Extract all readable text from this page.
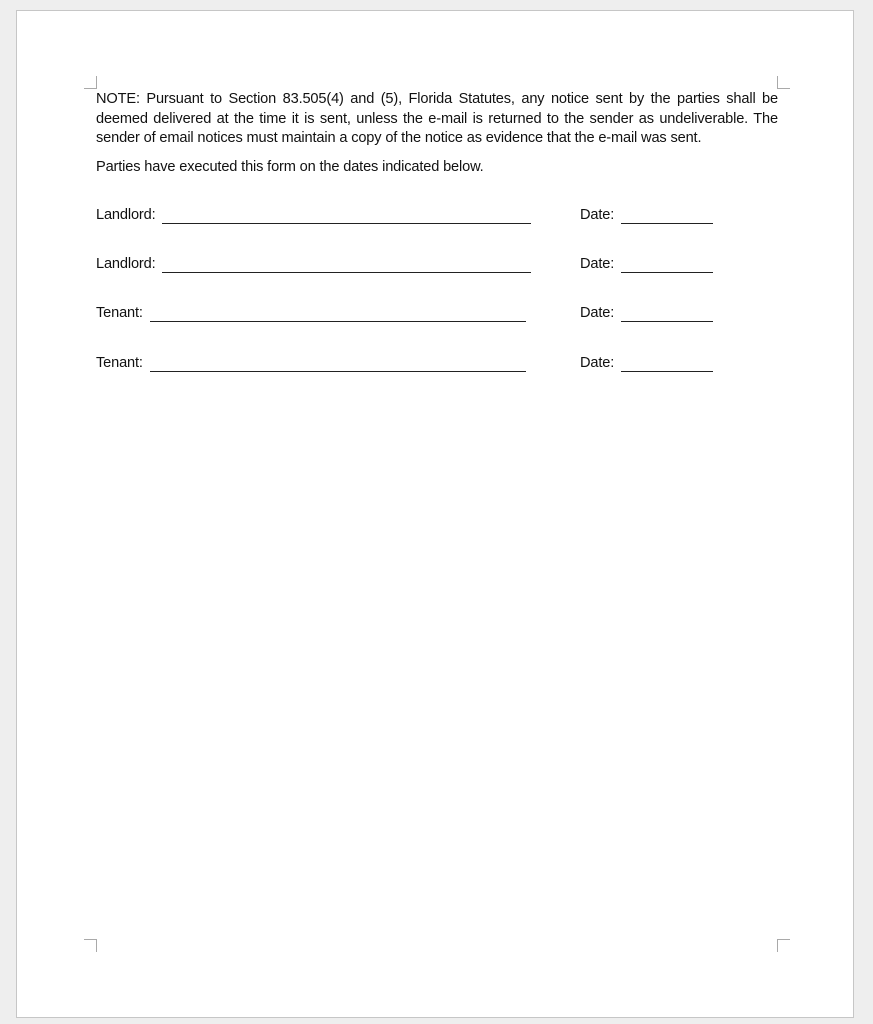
NOTE: Pursuant to Section 83.505(4) and (5), Florida Statutes, any notice sent by the parties shall be deemed delivered at the time it is sent, unless the e-mail is returned to the sender as undeliverable. The sender of email notices must maintain a copy of the notice as evidence that the e-mail was sent.

Parties have executed this form on the dates indicated below.

Landlord:	Date:
Landlord:	Date:
Tenant:	Date:
Tenant:	Date:
